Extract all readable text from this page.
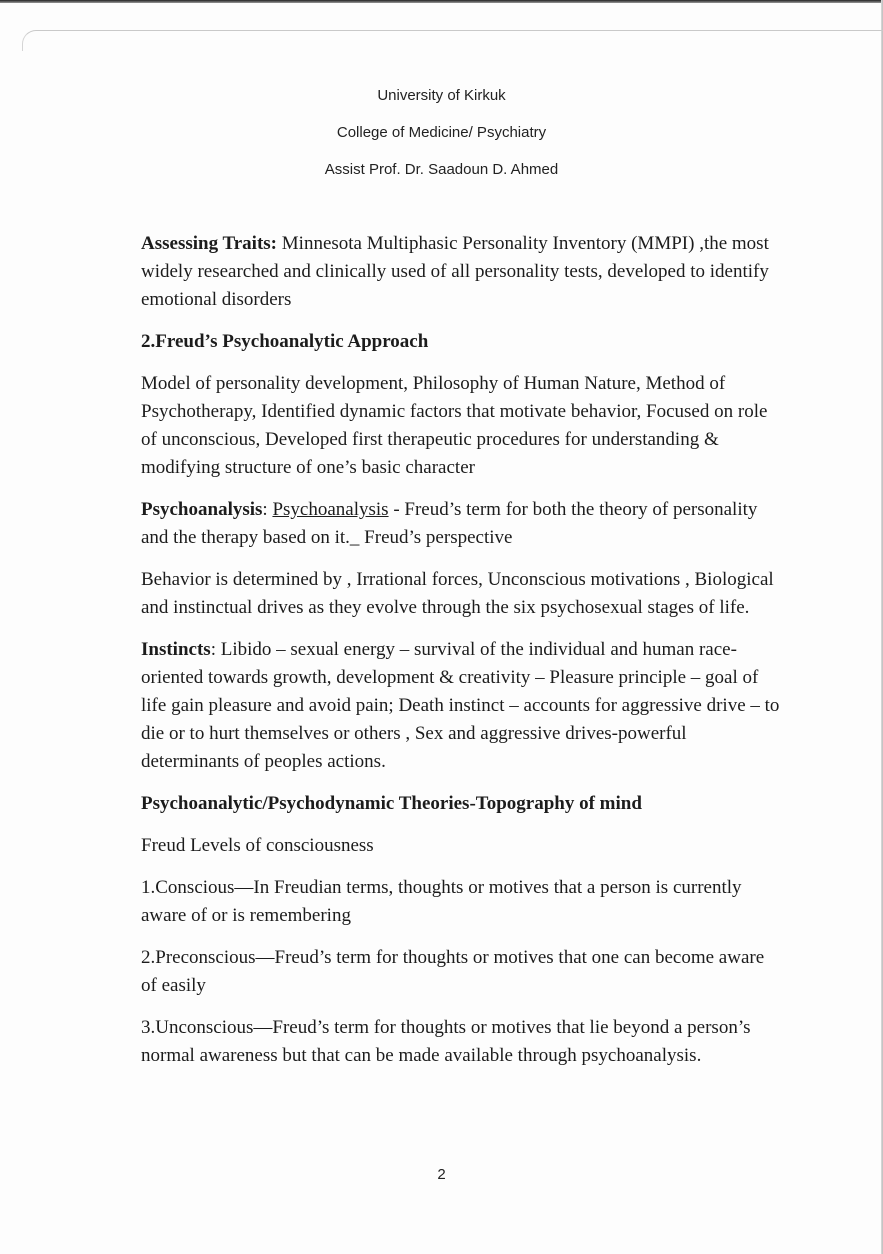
University of Kirkuk
College of Medicine/ Psychiatry
Assist Prof. Dr. Saadoun D. Ahmed

Assessing Traits: Minnesota Multiphasic Personality Inventory (MMPI) ,the most widely researched and clinically used of all personality tests, developed to identify emotional disorders

2.Freud’s Psychoanalytic Approach

Model of personality development, Philosophy of Human Nature, Method of Psychotherapy, Identified dynamic factors that motivate behavior, Focused on role of unconscious, Developed first therapeutic procedures for understanding & modifying structure of one’s basic character

Psychoanalysis: Psychoanalysis - Freud’s term for both the theory of personality and the therapy based on it._ Freud’s perspective

Behavior is determined by , Irrational forces, Unconscious motivations , Biological and instinctual drives as they evolve through the six psychosexual stages of life.

Instincts: Libido – sexual energy – survival of the individual and human race-oriented towards growth, development & creativity – Pleasure principle – goal of life gain pleasure and avoid pain; Death instinct – accounts for aggressive drive – to die or to hurt themselves or others , Sex and aggressive drives-powerful determinants of peoples actions.

Psychoanalytic/Psychodynamic Theories-Topography of mind

Freud Levels of consciousness

1.Conscious—In Freudian terms, thoughts or motives that a person is currently aware of or is remembering

2.Preconscious—Freud’s term for thoughts or motives that one can become aware of easily

3.Unconscious—Freud’s term for thoughts or motives that lie beyond a person’s normal awareness but that can be made available through psychoanalysis.

2
